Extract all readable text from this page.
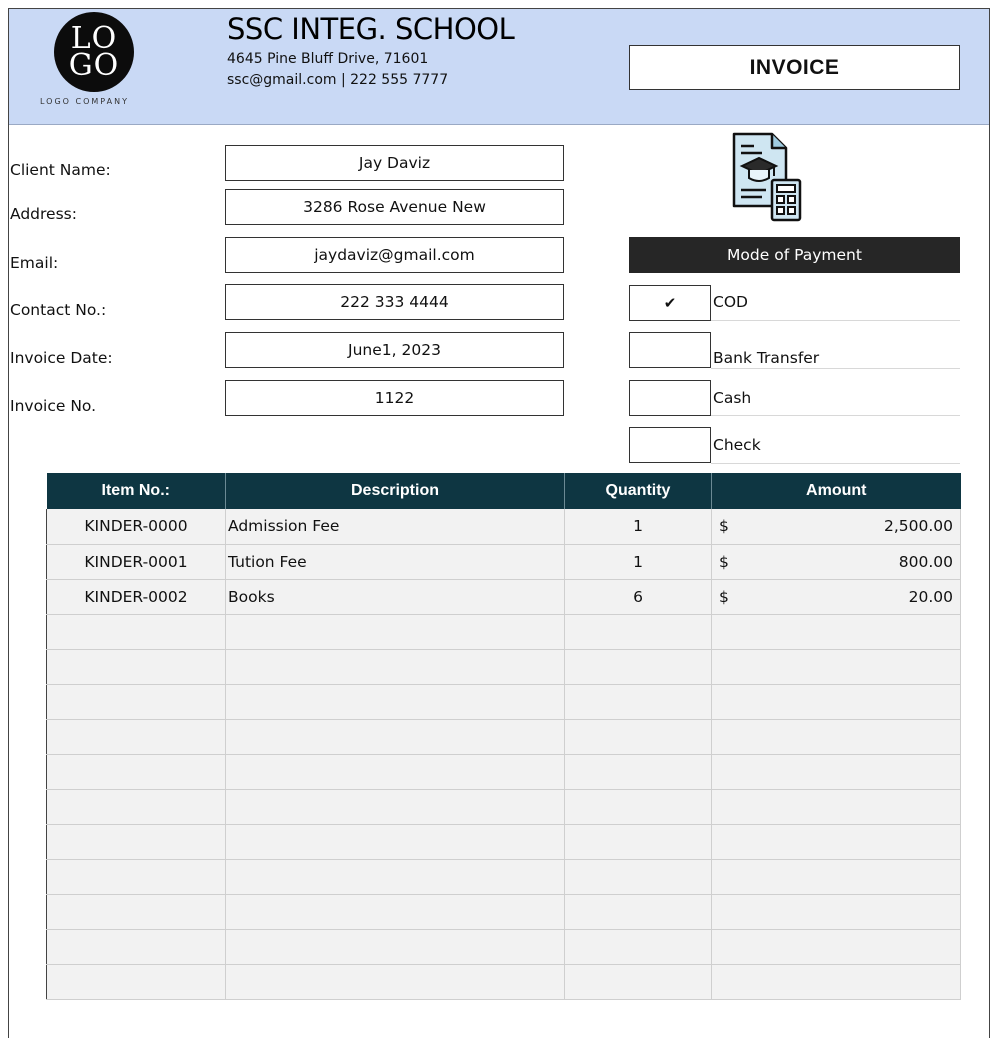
LO
GO
LOGO COMPANY
SSC INTEG. SCHOOL
4645 Pine Bluff Drive, 71601
ssc@gmail.com | 222 555 7777
INVOICE
Client Name:	Jay Daviz
Address:	3286 Rose Avenue New
Email:	jaydaviz@gmail.com
Contact No.:	222 333 4444
Invoice Date:	June1, 2023
Invoice No.	1122
Mode of Payment
✔	COD
Bank Transfer
Cash
Check
Item No.:	Description	Quantity	Amount
KINDER-0000	Admission Fee	1	$ 2,500.00

KINDER-0001	Tution Fee	1	$ 800.00

KINDER-0002	Books	6	$ 20.00
